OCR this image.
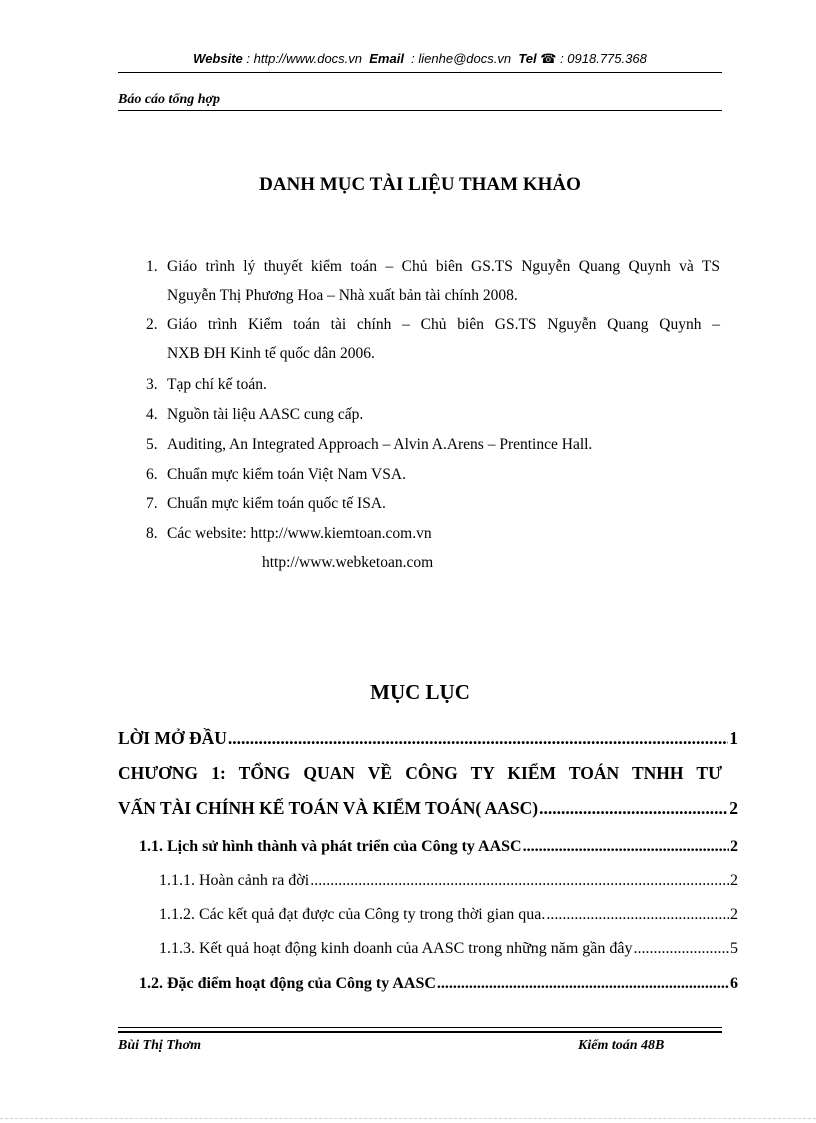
Website : http://www.docs.vn Email : lienhe@docs.vn Tel ☎ : 0918.775.368
Báo cáo tổng hợp
DANH MỤC TÀI LIỆU THAM KHẢO
1. Giáo trình lý thuyết kiểm toán – Chủ biên GS.TS Nguyễn Quang Quynh và TS
Nguyễn Thị Phương Hoa – Nhà xuất bản tài chính 2008.
2. Giáo trình Kiểm toán tài chính – Chủ biên GS.TS Nguyễn Quang Quynh –
NXB ĐH Kinh tế quốc dân 2006.
3. Tạp chí kế toán.
4. Nguồn tài liệu AASC cung cấp.
5. Auditing, An Integrated Approach – Alvin A.Arens – Prentince Hall.
6. Chuẩn mực kiểm toán Việt Nam VSA.
7. Chuẩn mực kiểm toán quốc tế ISA.
8. Các website: http://www.kiemtoan.com.vn
http://www.webketoan.com
MỤC LỤC
LỜI MỞ ĐẦU .....	1
CHƯƠNG 1: TỔNG QUAN VỀ CÔNG TY KIỂM TOÁN TNHH TƯ
VẤN TÀI CHÍNH KẾ TOÁN VÀ KIỂM TOÁN( AASC) .....	2
1.1. Lịch sử hình thành và phát triển của Công ty AASC .....	2
1.1.1. Hoàn cảnh ra đời .....	2
1.1.2. Các kết quả đạt được của Công ty trong thời gian qua. .....	2
1.1.3. Kết quả hoạt động kinh doanh của AASC trong những năm gần đây .....	5
1.2. Đặc điểm hoạt động của Công ty AASC .....	6
Bùi Thị Thơm	Kiểm toán 48B
